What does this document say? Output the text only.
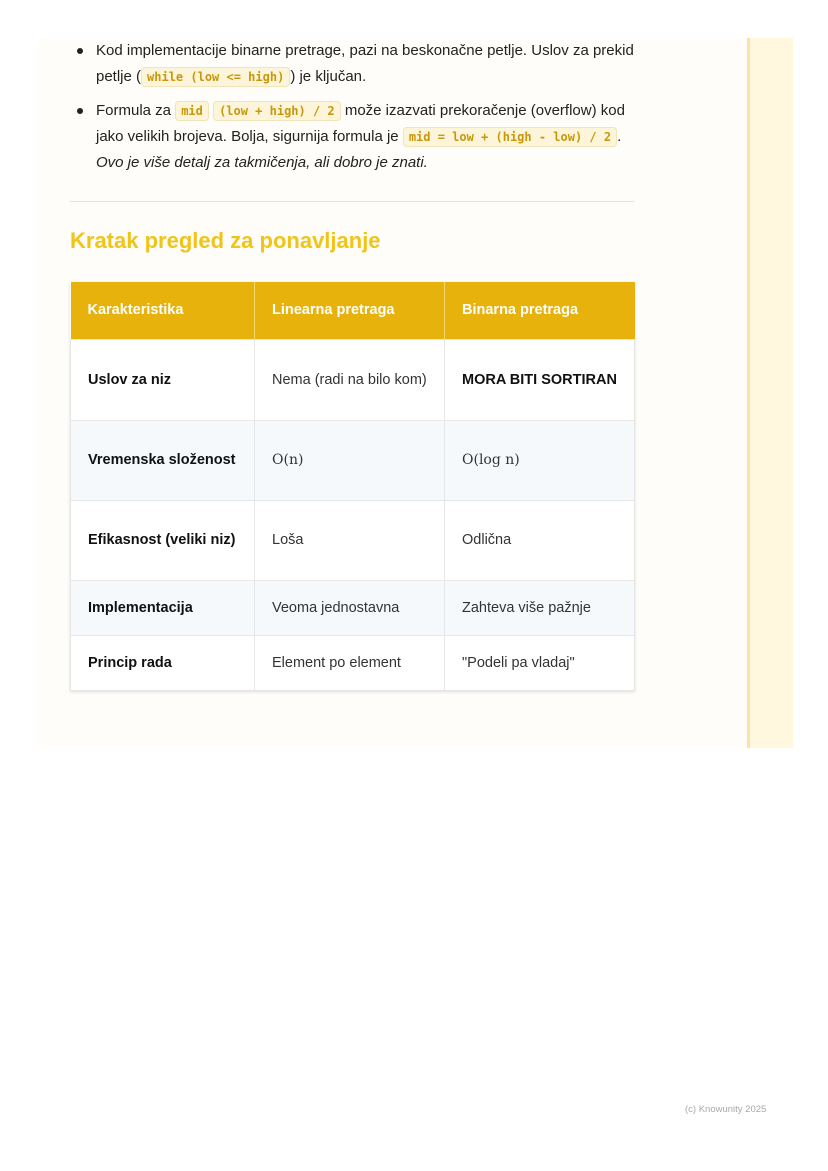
Kod implementacije binarne pretrage, pazi na beskonačne petlje. Uslov za prekid petlje ( while (low <= high) ) je ključan.
Formula za mid (low + high) / 2 može izazvati prekoračenje (overflow) kod jako velikih brojeva. Bolja, sigurnija formula je mid = low + (high - low) / 2 . Ovo je više detalj za takmičenja, ali dobro je znati.
Kratak pregled za ponavljanje
Karakteristika	Linearna pretraga	Binarna pretraga
Uslov za niz	Nema (radi na bilo kom)	MORA BITI SORTIRAN
Vremenska složenost	O(n)	O(log n)
Efikasnost (veliki niz)	Loša	Odlična
Implementacija	Veoma jednostavna	Zahteva više pažnje
Princip rada	Element po element	"Podeli pa vladaj"
(c) Knowunity 2025
